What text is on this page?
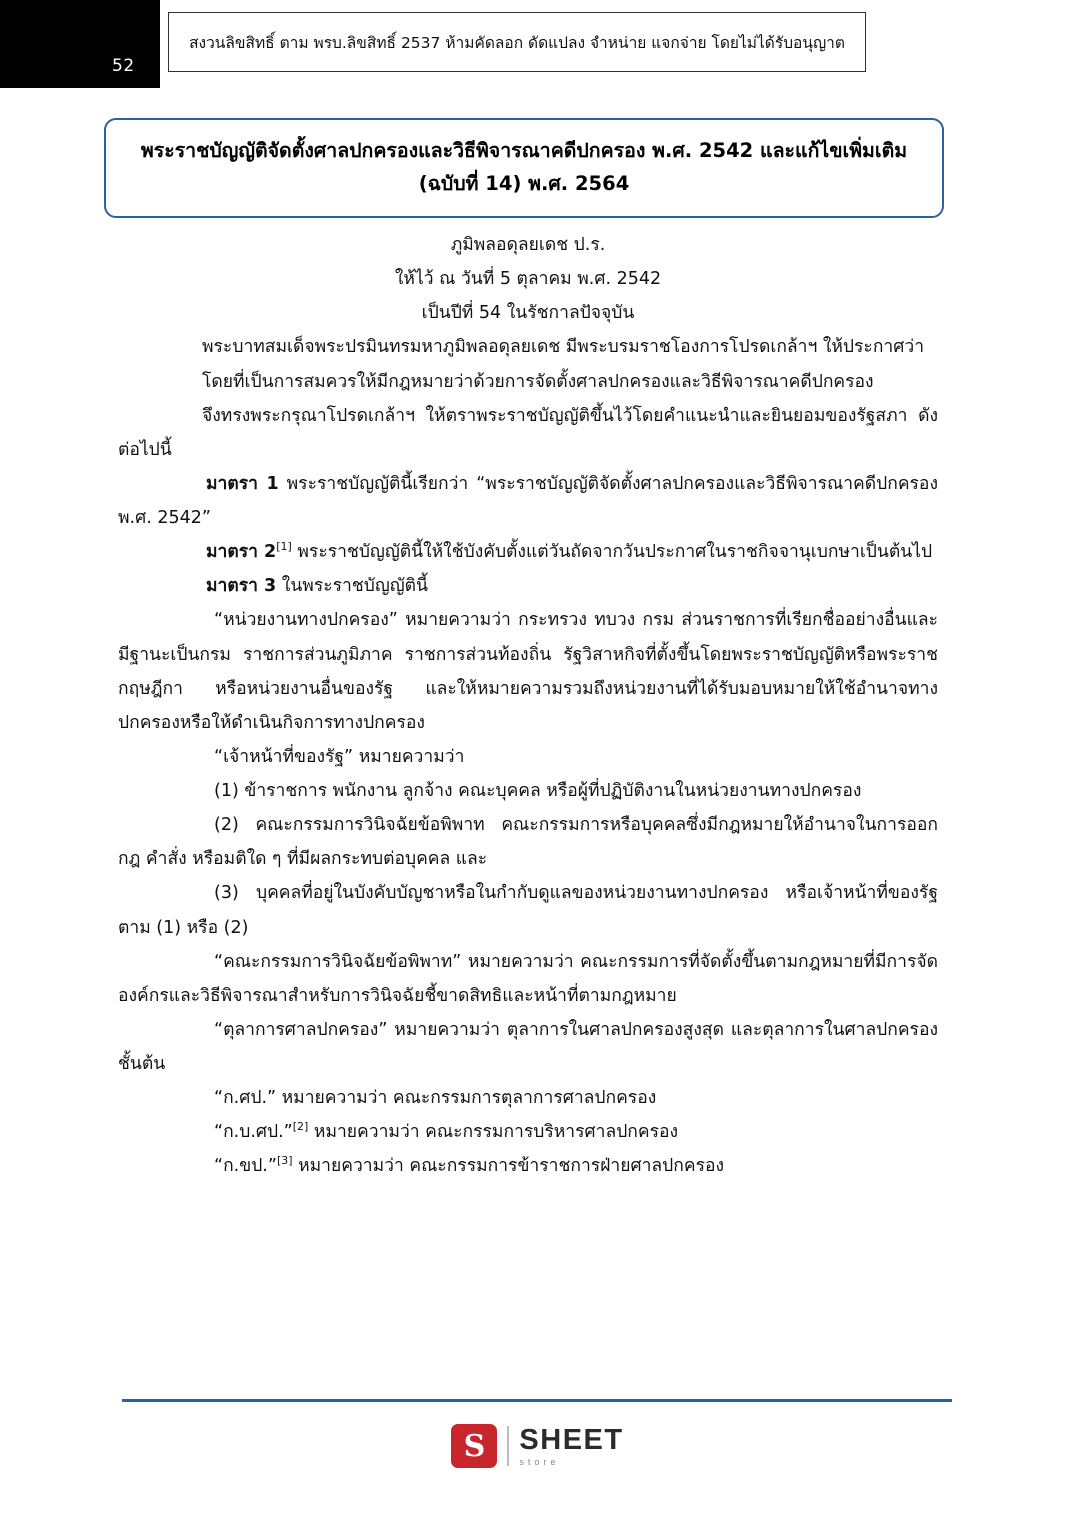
52
สงวนลิขสิทธิ์ ตาม พรบ.ลิขสิทธิ์ 2537 ห้ามคัดลอก ดัดแปลง จำหน่าย แจกจ่าย โดยไม่ได้รับอนุญาต
พระราชบัญญัติจัดตั้งศาลปกครองและวิธีพิจารณาคดีปกครอง พ.ศ. 2542 และแก้ไขเพิ่มเติม (ฉบับที่ 14) พ.ศ. 2564
ภูมิพลอดุลยเดช ป.ร.
ให้ไว้ ณ วันที่ 5 ตุลาคม พ.ศ. 2542
เป็นปีที่ 54 ในรัชกาลปัจจุบัน

พระบาทสมเด็จพระปรมินทรมหาภูมิพลอดุลยเดช มีพระบรมราชโองการโปรดเกล้าฯ ให้ประกาศว่า

โดยที่เป็นการสมควรให้มีกฎหมายว่าด้วยการจัดตั้งศาลปกครองและวิธีพิจารณาคดีปกครอง

จึงทรงพระกรุณาโปรดเกล้าฯ ให้ตราพระราชบัญญัติขึ้นไว้โดยคำแนะนำและยินยอมของรัฐสภา ดังต่อไปนี้

มาตรา 1 พระราชบัญญัตินี้เรียกว่า “พระราชบัญญัติจัดตั้งศาลปกครองและวิธีพิจารณาคดีปกครอง พ.ศ. 2542”

มาตรา 2[1] พระราชบัญญัตินี้ให้ใช้บังคับตั้งแต่วันถัดจากวันประกาศในราชกิจจานุเบกษาเป็นต้นไป

มาตรา 3 ในพระราชบัญญัตินี้

“หน่วยงานทางปกครอง” หมายความว่า กระทรวง ทบวง กรม ส่วนราชการที่เรียกชื่ออย่างอื่นและมีฐานะเป็นกรม ราชการส่วนภูมิภาค ราชการส่วนท้องถิ่น รัฐวิสาหกิจที่ตั้งขึ้นโดยพระราชบัญญัติหรือพระราชกฤษฎีกา หรือหน่วยงานอื่นของรัฐ และให้หมายความรวมถึงหน่วยงานที่ได้รับมอบหมายให้ใช้อำนาจทางปกครองหรือให้ดำเนินกิจการทางปกครอง

“เจ้าหน้าที่ของรัฐ” หมายความว่า

(1) ข้าราชการ พนักงาน ลูกจ้าง คณะบุคคล หรือผู้ที่ปฏิบัติงานในหน่วยงานทางปกครอง

(2) คณะกรรมการวินิจฉัยข้อพิพาท คณะกรรมการหรือบุคคลซึ่งมีกฎหมายให้อำนาจในการออกกฎ คำสั่ง หรือมติใด ๆ ที่มีผลกระทบต่อบุคคล และ

(3) บุคคลที่อยู่ในบังคับบัญชาหรือในกำกับดูแลของหน่วยงานทางปกครอง หรือเจ้าหน้าที่ของรัฐตาม (1) หรือ (2)

“คณะกรรมการวินิจฉัยข้อพิพาท” หมายความว่า คณะกรรมการที่จัดตั้งขึ้นตามกฎหมายที่มีการจัดองค์กรและวิธีพิจารณาสำหรับการวินิจฉัยชี้ขาดสิทธิและหน้าที่ตามกฎหมาย

“ตุลาการศาลปกครอง” หมายความว่า ตุลาการในศาลปกครองสูงสุด และตุลาการในศาลปกครองชั้นต้น

“ก.ศป.” หมายความว่า คณะกรรมการตุลาการศาลปกครอง

“ก.บ.ศป.”[2] หมายความว่า คณะกรรมการบริหารศาลปกครอง

“ก.ขป.”[3] หมายความว่า คณะกรรมการข้าราชการฝ่ายศาลปกครอง

S	SHEET
store
